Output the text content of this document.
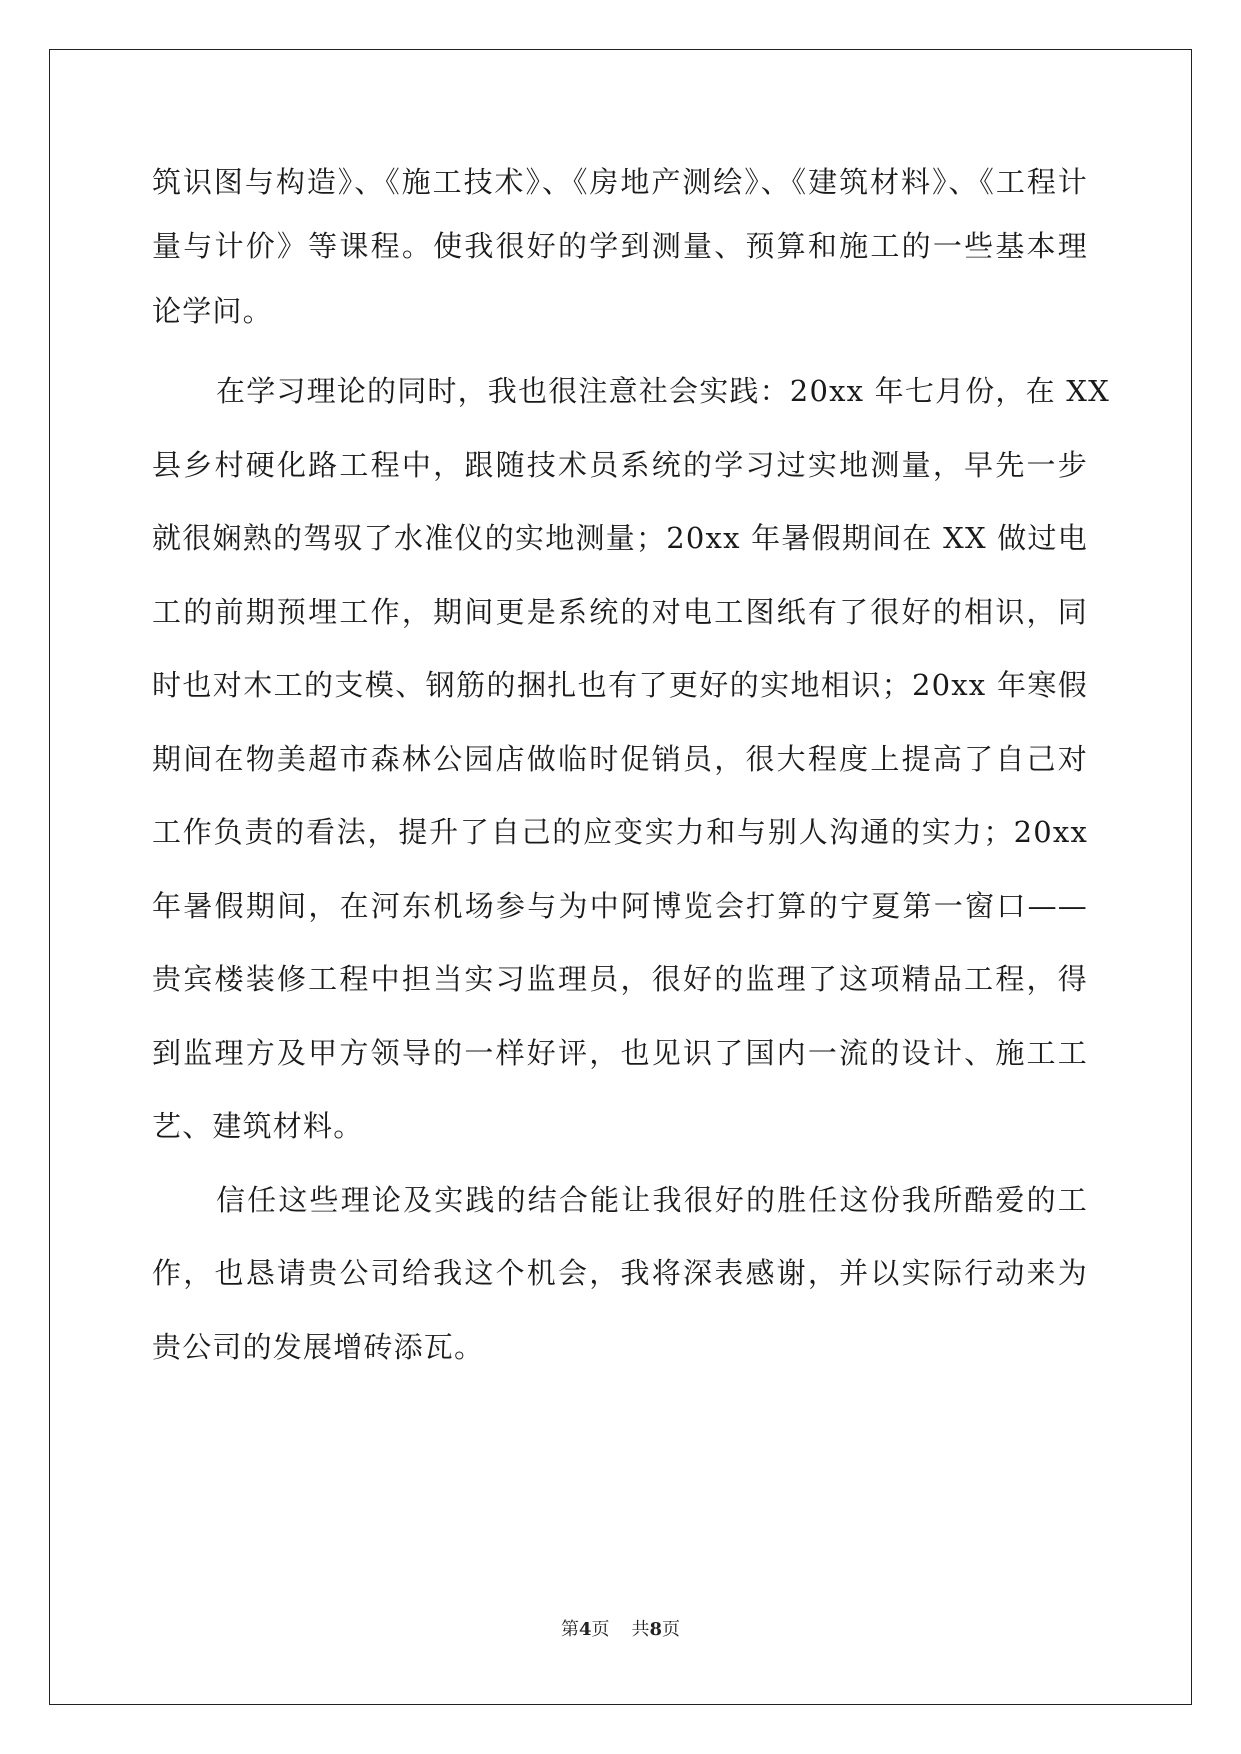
筑识图与构造》、《施工技术》、《房地产测绘》、《建筑材料》、《工程计
量与计价》等课程。使我很好的学到测量、预算和施工的一些基本理
论学问。
在学习理论的同时，我也很注意社会实践：20xx 年七月份，在 XX
县乡村硬化路工程中，跟随技术员系统的学习过实地测量，早先一步
就很娴熟的驾驭了水准仪的实地测量；20xx 年暑假期间在 XX 做过电
工的前期预埋工作，期间更是系统的对电工图纸有了很好的相识，同
时也对木工的支模、钢筋的捆扎也有了更好的实地相识；20xx 年寒假
期间在物美超市森林公园店做临时促销员，很大程度上提高了自己对
工作负责的看法，提升了自己的应变实力和与别人沟通的实力；20xx
年暑假期间，在河东机场参与为中阿博览会打算的宁夏第一窗口——
贵宾楼装修工程中担当实习监理员，很好的监理了这项精品工程，得
到监理方及甲方领导的一样好评，也见识了国内一流的设计、施工工
艺、建筑材料。
信任这些理论及实践的结合能让我很好的胜任这份我所酷爱的工
作，也恳请贵公司给我这个机会，我将深表感谢，并以实际行动来为
贵公司的发展增砖添瓦。
第4页 共8页
